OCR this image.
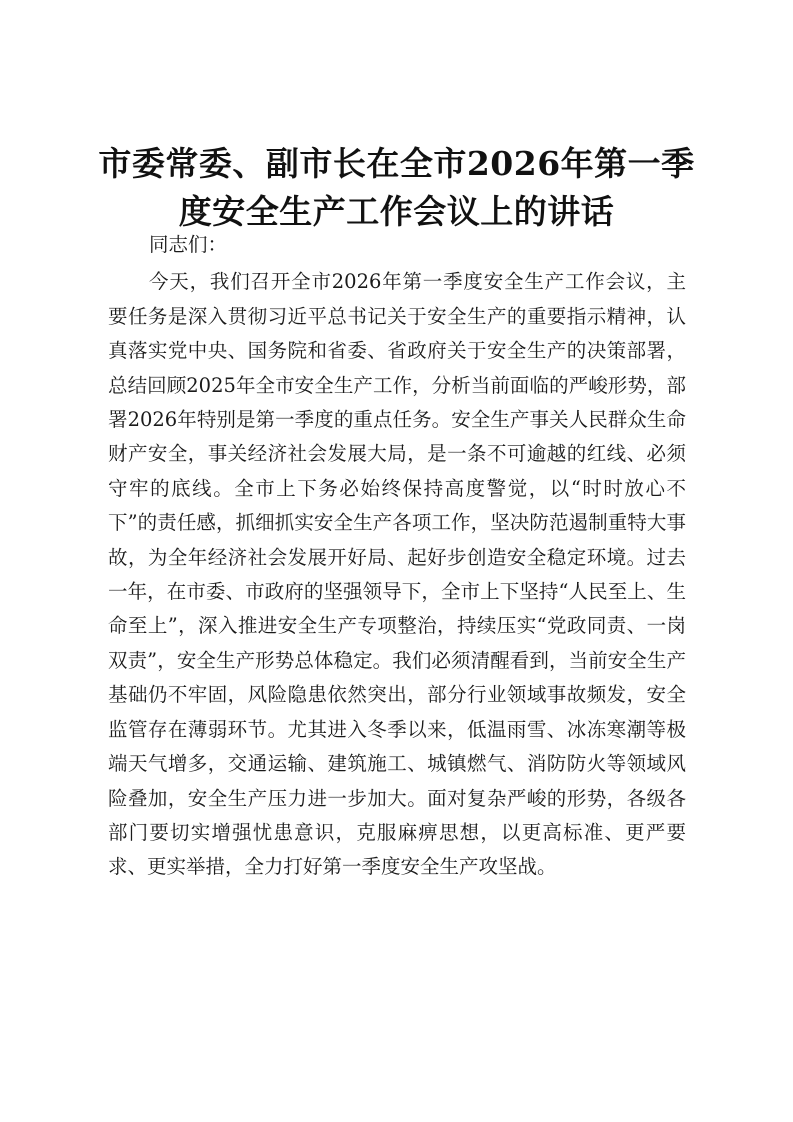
市委常委、副市长在全市2026年第一季度安全生产工作会议上的讲话

同志们：

今天，我们召开全市2026年第一季度安全生产工作会议，主要任务是深入贯彻习近平总书记关于安全生产的重要指示精神，认真落实党中央、国务院和省委、省政府关于安全生产的决策部署，总结回顾2025年全市安全生产工作，分析当前面临的严峻形势，部署2026年特别是第一季度的重点任务。安全生产事关人民群众生命财产安全，事关经济社会发展大局，是一条不可逾越的红线、必须守牢的底线。全市上下务必始终保持高度警觉，以“时时放心不下”的责任感，抓细抓实安全生产各项工作，坚决防范遏制重特大事故，为全年经济社会发展开好局、起好步创造安全稳定环境。过去一年，在市委、市政府的坚强领导下，全市上下坚持“人民至上、生命至上”，深入推进安全生产专项整治，持续压实“党政同责、一岗双责”，安全生产形势总体稳定。我们必须清醒看到，当前安全生产基础仍不牢固，风险隐患依然突出，部分行业领域事故频发，安全监管存在薄弱环节。尤其进入冬季以来，低温雨雪、冰冻寒潮等极端天气增多，交通运输、建筑施工、城镇燃气、消防防火等领域风险叠加，安全生产压力进一步加大。面对复杂严峻的形势，各级各部门要切实增强忧患意识，克服麻痹思想，以更高标准、更严要求、更实举措，全力打好第一季度安全生产攻坚战。
